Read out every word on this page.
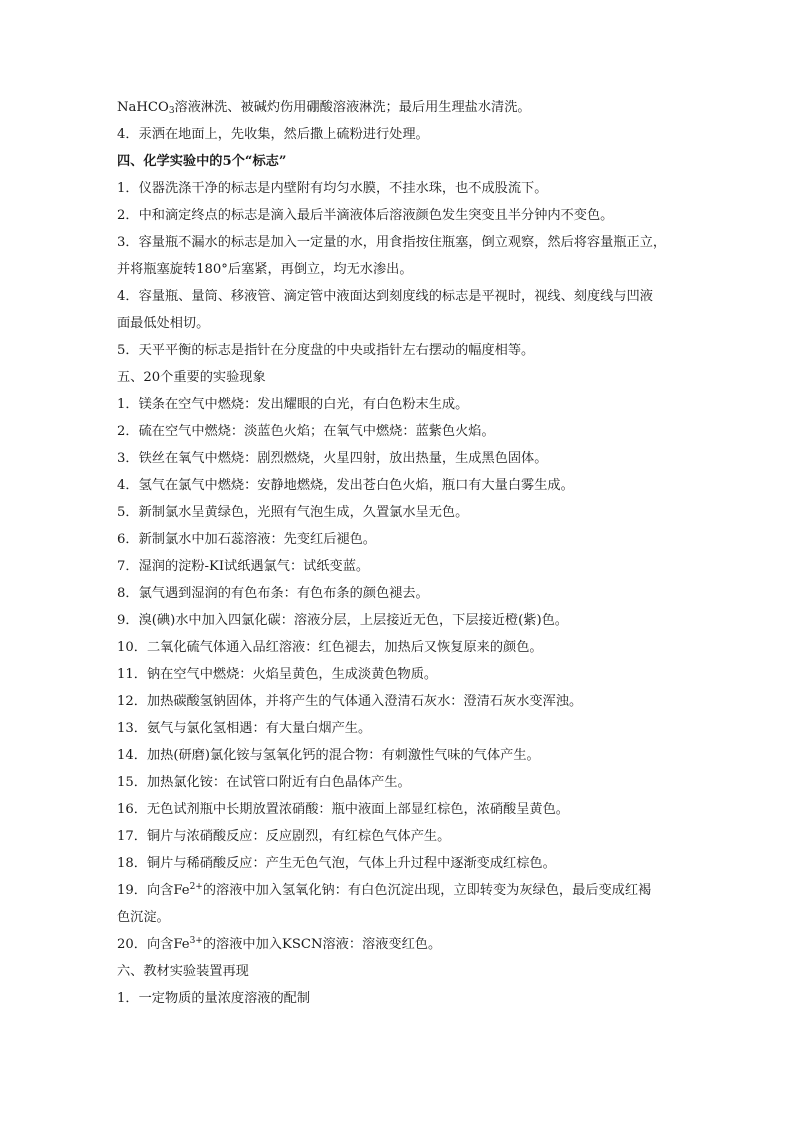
NaHCO3溶液淋洗、被碱灼伤用硼酸溶液淋洗；最后用生理盐水清洗。
4．汞洒在地面上，先收集，然后撒上硫粉进行处理。
四、化学实验中的5个“标志”
1．仪器洗涤干净的标志是内壁附有均匀水膜，不挂水珠，也不成股流下。
2．中和滴定终点的标志是滴入最后半滴液体后溶液颜色发生突变且半分钟内不变色。
3．容量瓶不漏水的标志是加入一定量的水，用食指按住瓶塞，倒立观察，然后将容量瓶正立，
并将瓶塞旋转180°后塞紧，再倒立，均无水渗出。
4．容量瓶、量筒、移液管、滴定管中液面达到刻度线的标志是平视时，视线、刻度线与凹液
面最低处相切。
5．天平平衡的标志是指针在分度盘的中央或指针左右摆动的幅度相等。
五、20个重要的实验现象
1．镁条在空气中燃烧：发出耀眼的白光，有白色粉末生成。
2．硫在空气中燃烧：淡蓝色火焰；在氧气中燃烧：蓝紫色火焰。
3．铁丝在氧气中燃烧：剧烈燃烧，火星四射，放出热量，生成黑色固体。
4．氢气在氯气中燃烧：安静地燃烧，发出苍白色火焰，瓶口有大量白雾生成。
5．新制氯水呈黄绿色，光照有气泡生成，久置氯水呈无色。
6．新制氯水中加石蕊溶液：先变红后褪色。
7．湿润的淀粉-KI试纸遇氯气：试纸变蓝。
8．氯气遇到湿润的有色布条：有色布条的颜色褪去。
9．溴(碘)水中加入四氯化碳：溶液分层，上层接近无色，下层接近橙(紫)色。
10．二氧化硫气体通入品红溶液：红色褪去，加热后又恢复原来的颜色。
11．钠在空气中燃烧：火焰呈黄色，生成淡黄色物质。
12．加热碳酸氢钠固体，并将产生的气体通入澄清石灰水：澄清石灰水变浑浊。
13．氨气与氯化氢相遇：有大量白烟产生。
14．加热(研磨)氯化铵与氢氧化钙的混合物：有刺激性气味的气体产生。
15．加热氯化铵：在试管口附近有白色晶体产生。
16．无色试剂瓶中长期放置浓硝酸：瓶中液面上部显红棕色，浓硝酸呈黄色。
17．铜片与浓硝酸反应：反应剧烈，有红棕色气体产生。
18．铜片与稀硝酸反应：产生无色气泡，气体上升过程中逐渐变成红棕色。
19．向含$Fe^{2+}$的溶液中加入氢氧化钠：有白色沉淀出现，立即转变为灰绿色，最后变成红褐
色沉淀。
20．向含$Fe^{3+}$的溶液中加入KSCN溶液：溶液变红色。
六、教材实验装置再现
1．一定物质的量浓度溶液的配制
